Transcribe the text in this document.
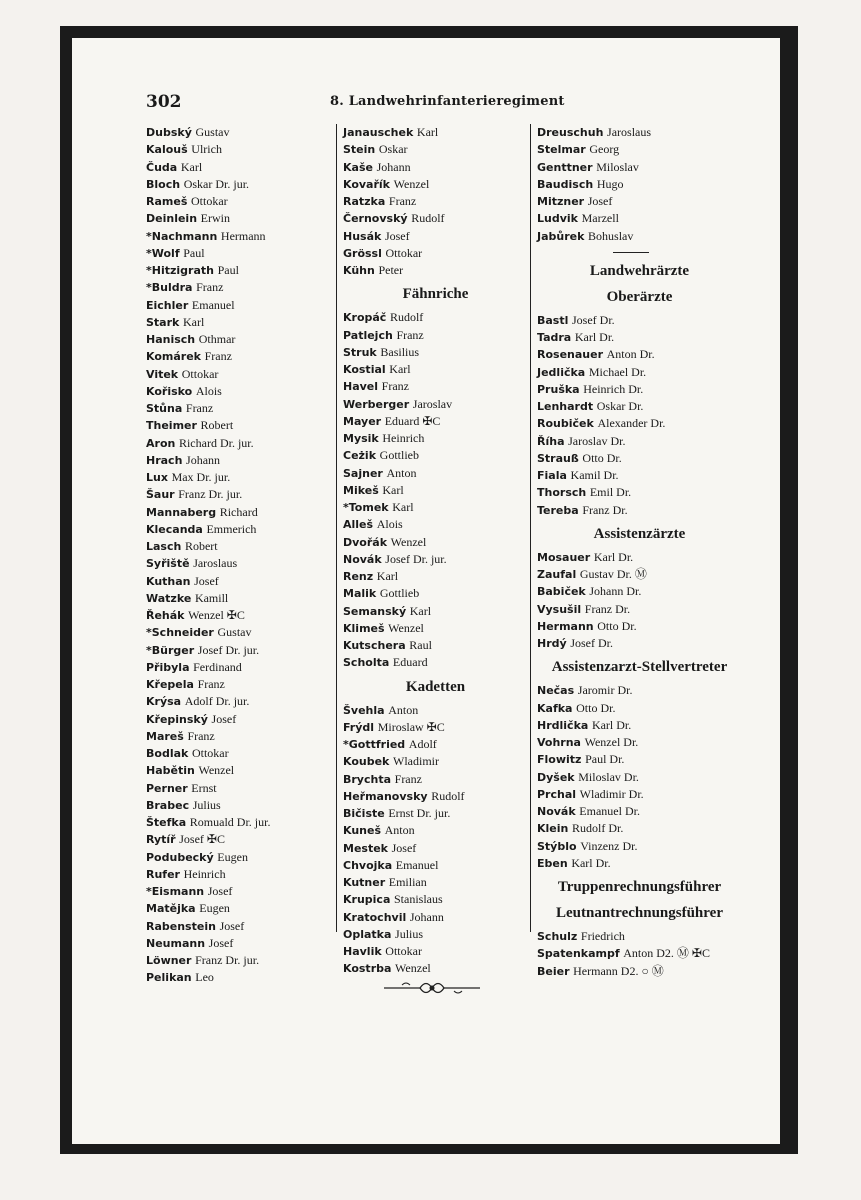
302	8. Landwehrinfanterieregiment
Dubský Gustav
Kalouš Ulrich
Čuda Karl
Bloch Oskar Dr. jur.
Rameš Ottokar
Deinlein Erwin
*Nachmann Hermann
*Wolf Paul
*Hitzigrath Paul
*Buldra Franz
Eichler Emanuel
Stark Karl
Hanisch Othmar
Komárek Franz
Vitek Ottokar
Kořisko Alois
Stůna Franz
Theimer Robert
Aron Richard Dr. jur.
Hrach Johann
Lux Max Dr. jur.
Šaur Franz Dr. jur.
Mannaberg Richard
Klecanda Emmerich
Lasch Robert
Syřiště Jaroslaus
Kuthan Josef
Watzke Kamill
Řehák Wenzel ✠C
*Schneider Gustav
*Bürger Josef Dr. jur.
Přibyla Ferdinand
Křepela Franz
Krýsa Adolf Dr. jur.
Křepinský Josef
Mareš Franz
Bodlak Ottokar
Habětin Wenzel
Perner Ernst
Brabec Julius
Štefka Romuald Dr. jur.
Rytíř Josef ✠C
Podubecký Eugen
Rufer Heinrich
*Eismann Josef
Matějka Eugen
Rabenstein Josef
Neumann Josef
Löwner Franz Dr. jur.
Pelikan Leo
Janauschek Karl
Stein Oskar
Kaše Johann
Kovařík Wenzel
Ratzka Franz
Černovský Rudolf
Husák Josef
Grössl Ottokar
Kühn Peter
Fähnriche
Kropáč Rudolf
Patlejch Franz
Struk Basilius
Kostial Karl
Havel Franz
Werberger Jaroslav
Mayer Eduard ✠C
Mysik Heinrich
Ceżik Gottlieb
Sajner Anton
Mikeš Karl
*Tomek Karl
Alleš Alois
Dvořák Wenzel
Novák Josef Dr. jur.
Renz Karl
Malik Gottlieb
Semanský Karl
Klimeš Wenzel
Kutschera Raul
Scholta Eduard
Kadetten
Švehla Anton
Frýdl Miroslaw ✠C
*Gottfried Adolf
Koubek Wladimir
Brychta Franz
Heřmanovsky Rudolf
Bičiste Ernst Dr. jur.
Kuneš Anton
Mestek Josef
Chvojka Emanuel
Kutner Emilian
Krupica Stanislaus
Kratochvil Johann
Oplatka Julius
Havlik Ottokar
Kostrba Wenzel
Dreuschuh Jaroslaus
Stelmar Georg
Genttner Miloslav
Baudisch Hugo
Mitzner Josef
Ludvik Marzell
Jabůrek Bohuslav
Landwehrärzte
Oberärzte
Bastl Josef Dr.
Tadra Karl Dr.
Rosenauer Anton Dr.
Jedlička Michael Dr.
Pruška Heinrich Dr.
Lenhardt Oskar Dr.
Roubiček Alexander Dr.
Říha Jaroslav Dr.
Strauß Otto Dr.
Fiala Kamil Dr.
Thorsch Emil Dr.
Tereba Franz Dr.
Assistenzärzte
Mosauer Karl Dr.
Zaufal Gustav Dr. Ⓜ
Babiček Johann Dr.
Vysušil Franz Dr.
Hermann Otto Dr.
Hrdý Josef Dr.
Assistenzarzt-Stellvertreter
Nečas Jaromir Dr.
Kafka Otto Dr.
Hrdlička Karl Dr.
Vohrna Wenzel Dr.
Flowitz Paul Dr.
Dyšek Miloslav Dr.
Prchal Wladimir Dr.
Novák Emanuel Dr.
Klein Rudolf Dr.
Stýblo Vinzenz Dr.
Eben Karl Dr.
Truppenrechnungsführer
Leutnantrechnungsführer
Schulz Friedrich
Spatenkampf Anton D2. Ⓜ ✠C
Beier Hermann D2. ○ Ⓜ
